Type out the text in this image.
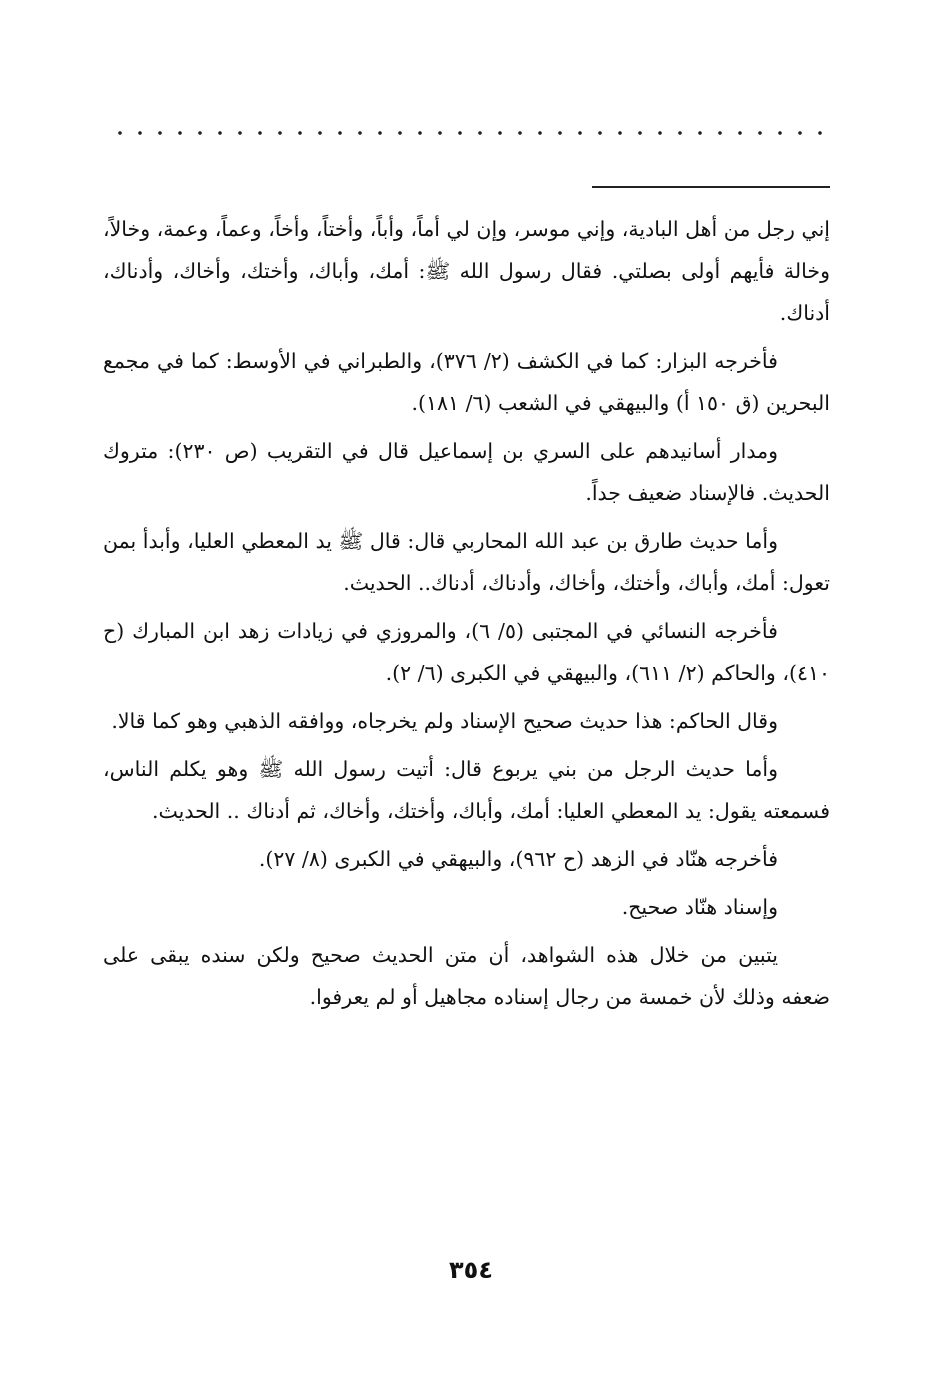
إني رجل من أهل البادية، وإني موسر، وإن لي أماً، وأباً، وأختاً، وأخاً، وعماً، وعمة، وخالاً، وخالة فأيهم أولى بصلتي. فقال رسول الله ﷺ: أمك، وأباك، وأختك، وأخاك، وأدناك، أدناك.

فأخرجه البزار: كما في الكشف (٢/ ٣٧٦)، والطبراني في الأوسط: كما في مجمع البحرين (ق ١٥٠ أ) والبيهقي في الشعب (٦/ ١٨١).

ومدار أسانيدهم على السري بن إسماعيل قال في التقريب (ص ٢٣٠): متروك الحديث. فالإسناد ضعيف جداً.

وأما حديث طارق بن عبد الله المحاربي قال: قال ﷺ يد المعطي العليا، وأبدأ بمن تعول: أمك، وأباك، وأختك، وأخاك، وأدناك، أدناك.. الحديث.

فأخرجه النسائي في المجتبى (٥/ ٦)، والمروزي في زيادات زهد ابن المبارك (ح ٤١٠)، والحاكم (٢/ ٦١١)، والبيهقي في الكبرى (٦/ ٢).

وقال الحاكم: هذا حديث صحيح الإسناد ولم يخرجاه، ووافقه الذهبي وهو كما قالا.

وأما حديث الرجل من بني يربوع قال: أتيت رسول الله ﷺ وهو يكلم الناس، فسمعته يقول: يد المعطي العليا: أمك، وأباك، وأختك، وأخاك، ثم أدناك .. الحديث.

فأخرجه هنّاد في الزهد (ح ٩٦٢)، والبيهقي في الكبرى (٨/ ٢٧).

وإسناد هنّاد صحيح.

يتبين من خلال هذه الشواهد، أن متن الحديث صحيح ولكن سنده يبقى على ضعفه وذلك لأن خمسة من رجال إسناده مجاهيل أو لم يعرفوا.

٣٥٤
